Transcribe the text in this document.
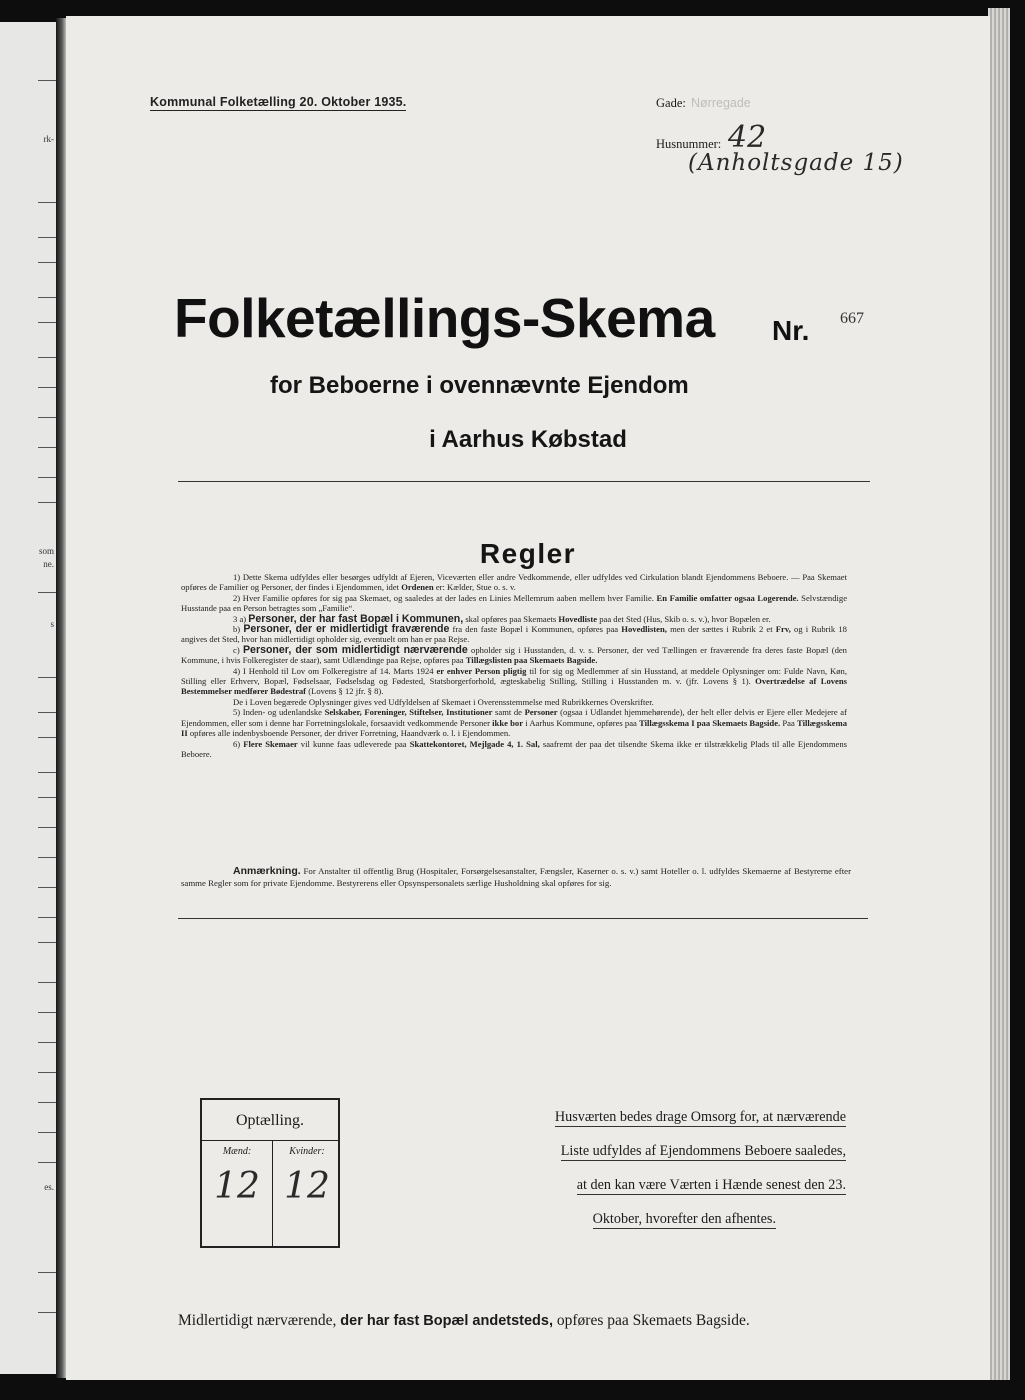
rk-
som
ne.
s
es.
Kommunal Folketælling 20. Oktober 1935.	Gade: Nørregade
Husnummer: 42
(Anholtsgade 15)
Folketællings-Skema Nr. 667
for Beboerne i ovennævnte Ejendom
i Aarhus Købstad
Regler

1) Dette Skema udfyldes eller besørges udfyldt af Ejeren, Viceværten eller andre Vedkommende, eller udfyldes ved Cirkulation blandt Ejendommens Beboere. — Paa Skemaet opføres de Familier og Personer, der findes i Ejendommen, idet Ordenen er: Kælder, Stue o. s. v.

2) Hver Familie opføres for sig paa Skemaet, og saaledes at der lades en Linies Mellemrum aaben mellem hver Familie. En Familie omfatter ogsaa Logerende. Selvstændige Husstande paa en Person betragtes som „Familie“.

3 a) Personer, der har fast Bopæl i Kommunen, skal opføres paa Skemaets Hovedliste paa det Sted (Hus, Skib o. s. v.), hvor Bopælen er.

b) Personer, der er midlertidigt fraværende fra den faste Bopæl i Kommunen, opføres paa Hovedlisten, men der sættes i Rubrik 2 et Frv, og i Rubrik 18 angives det Sted, hvor han midlertidigt opholder sig, eventuelt om han er paa Rejse.

c) Personer, der som midlertidigt nærværende opholder sig i Husstanden, d. v. s. Personer, der ved Tællingen er fraværende fra deres faste Bopæl (den Kommune, i hvis Folkeregister de staar), samt Udlændinge paa Rejse, opføres paa Tillægslisten paa Skemaets Bagside.

4) I Henhold til Lov om Folkeregistre af 14. Marts 1924 er enhver Person pligtig til for sig og Medlemmer af sin Husstand, at meddele Oplysninger om: Fulde Navn, Køn, Stilling eller Erhverv, Bopæl, Fødselsaar, Fødselsdag og Fødested, Statsborgerforhold, ægteskabelig Stilling, Stilling i Husstanden m. v. (jfr. Lovens § 1). Overtrædelse af Lovens Bestemmelser medfører Bødestraf (Lovens § 12 jfr. § 8).

De i Loven begærede Oplysninger gives ved Udfyldelsen af Skemaet i Overensstemmelse med Rubrikkernes Overskrifter.

5) Inden- og udenlandske Selskaber, Foreninger, Stiftelser, Institutioner samt de Personer (ogsaa i Udlandet hjemmehørende), der helt eller delvis er Ejere eller Medejere af Ejendommen, eller som i denne har Forretningslokale, forsaavidt vedkommende Personer ikke bor i Aarhus Kommune, opføres paa Tillægsskema I paa Skemaets Bagside. Paa Tillægsskema II opføres alle indenbysboende Personer, der driver Forretning, Haandværk o. l. i Ejendommen.

6) Flere Skemaer vil kunne faas udleverede paa Skattekontoret, Mejlgade 4, 1. Sal, saafremt der paa det tilsendte Skema ikke er tilstrækkelig Plads til alle Ejendommens Beboere.

Anmærkning. For Anstalter til offentlig Brug (Hospitaler, Forsørgelsesanstalter, Fængsler, Kaserner o. s. v.) samt Hoteller o. l. udfyldes Skemaerne af Bestyrerne efter samme Regler som for private Ejendomme. Bestyrerens eller Opsynspersonalets særlige Husholdning skal opføres for sig.
Optælling.
Mænd:	Kvinder:
12 12
Husværten bedes drage Omsorg for, at nærværende
Liste udfyldes af Ejendommens Beboere saaledes,
at den kan være Værten i Hænde senest den 23.
Oktober, hvorefter den afhentes.
Midlertidigt nærværende, der har fast Bopæl andetsteds, opføres paa Skemaets Bagside.
